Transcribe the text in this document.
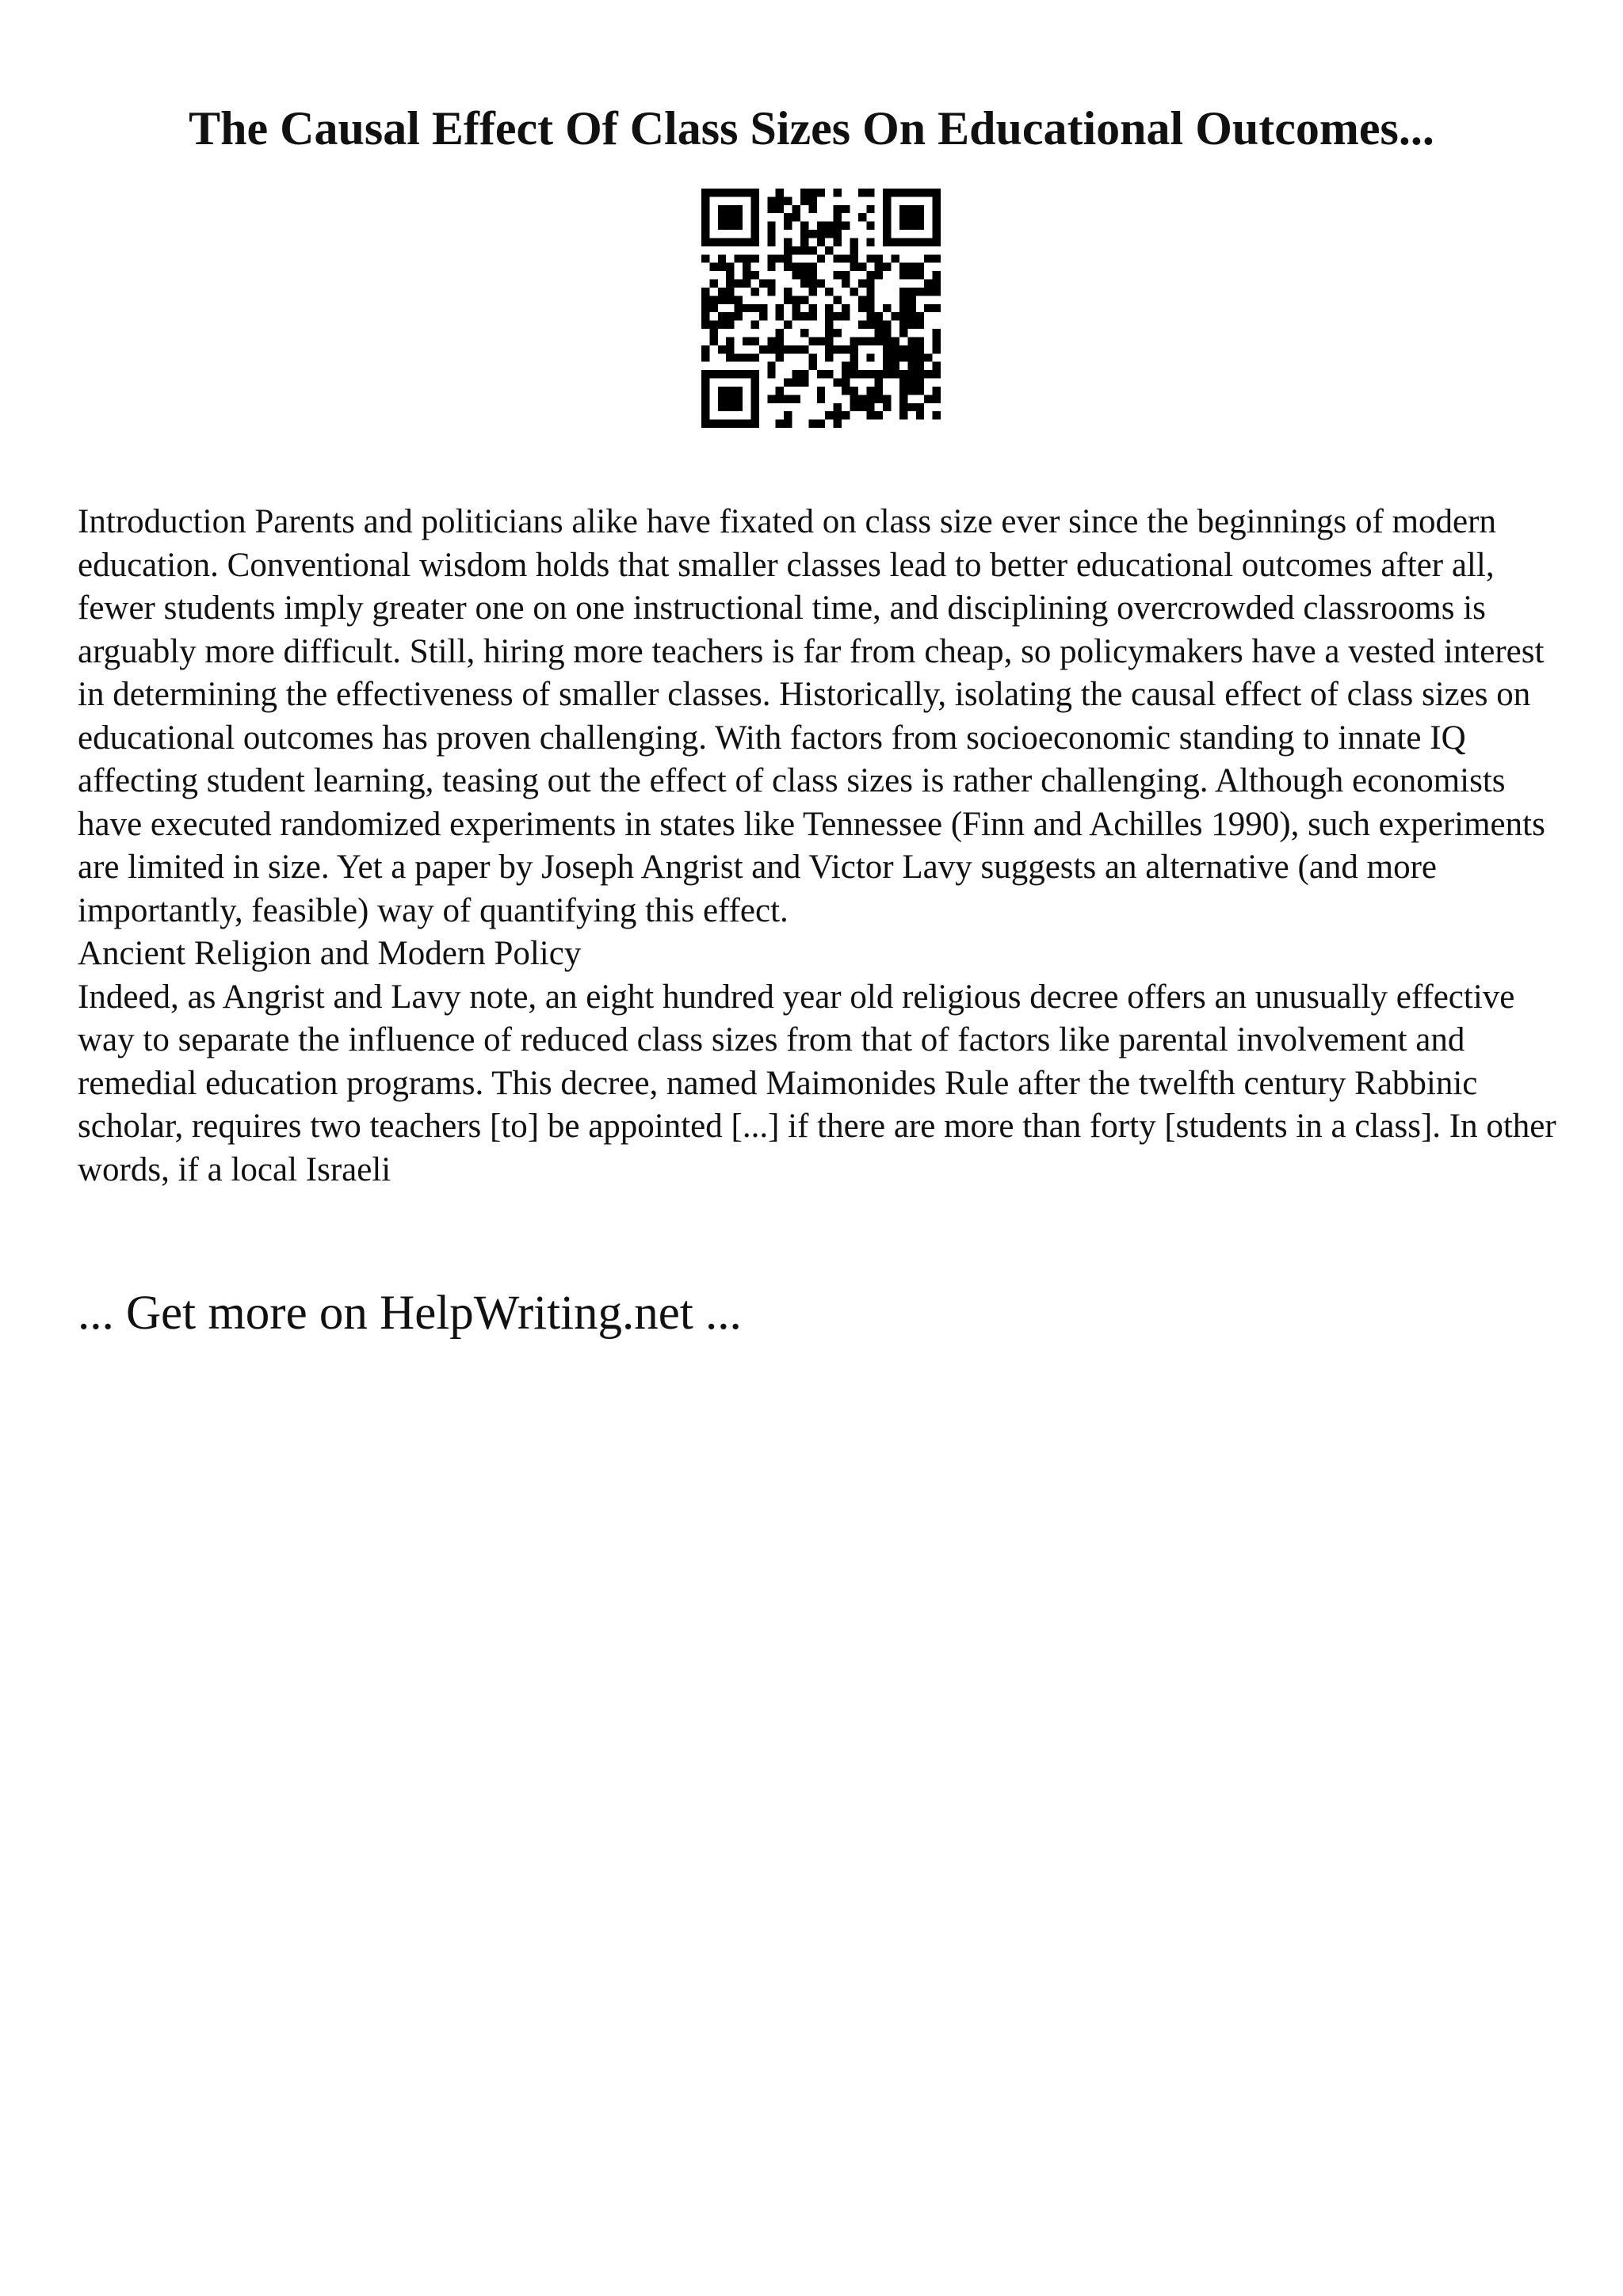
The Causal Effect Of Class Sizes On Educational Outcomes...

Introduction Parents and politicians alike have fixated on class size ever since the beginnings of modern education. Conventional wisdom holds that smaller classes lead to better educational outcomes after all, fewer students imply greater one on one instructional time, and disciplining overcrowded classrooms is arguably more difficult. Still, hiring more teachers is far from cheap, so policymakers have a vested interest in determining the effectiveness of smaller classes. Historically, isolating the causal effect of class sizes on educational outcomes has proven challenging. With factors from socioeconomic standing to innate IQ affecting student learning, teasing out the effect of class sizes is rather challenging. Although economists have executed randomized experiments in states like Tennessee (Finn and Achilles 1990), such experiments are limited in size. Yet a paper by Joseph Angrist and Victor Lavy suggests an alternative (and more importantly, feasible) way of quantifying this effect.

Ancient Religion and Modern Policy

Indeed, as Angrist and Lavy note, an eight hundred year old religious decree offers an unusually effective way to separate the influence of reduced class sizes from that of factors like parental involvement and remedial education programs. This decree, named Maimonides Rule after the twelfth century Rabbinic scholar, requires two teachers [to] be appointed [...] if there are more than forty [students in a class]. In other words, if a local Israeli

... Get more on HelpWriting.net ...
